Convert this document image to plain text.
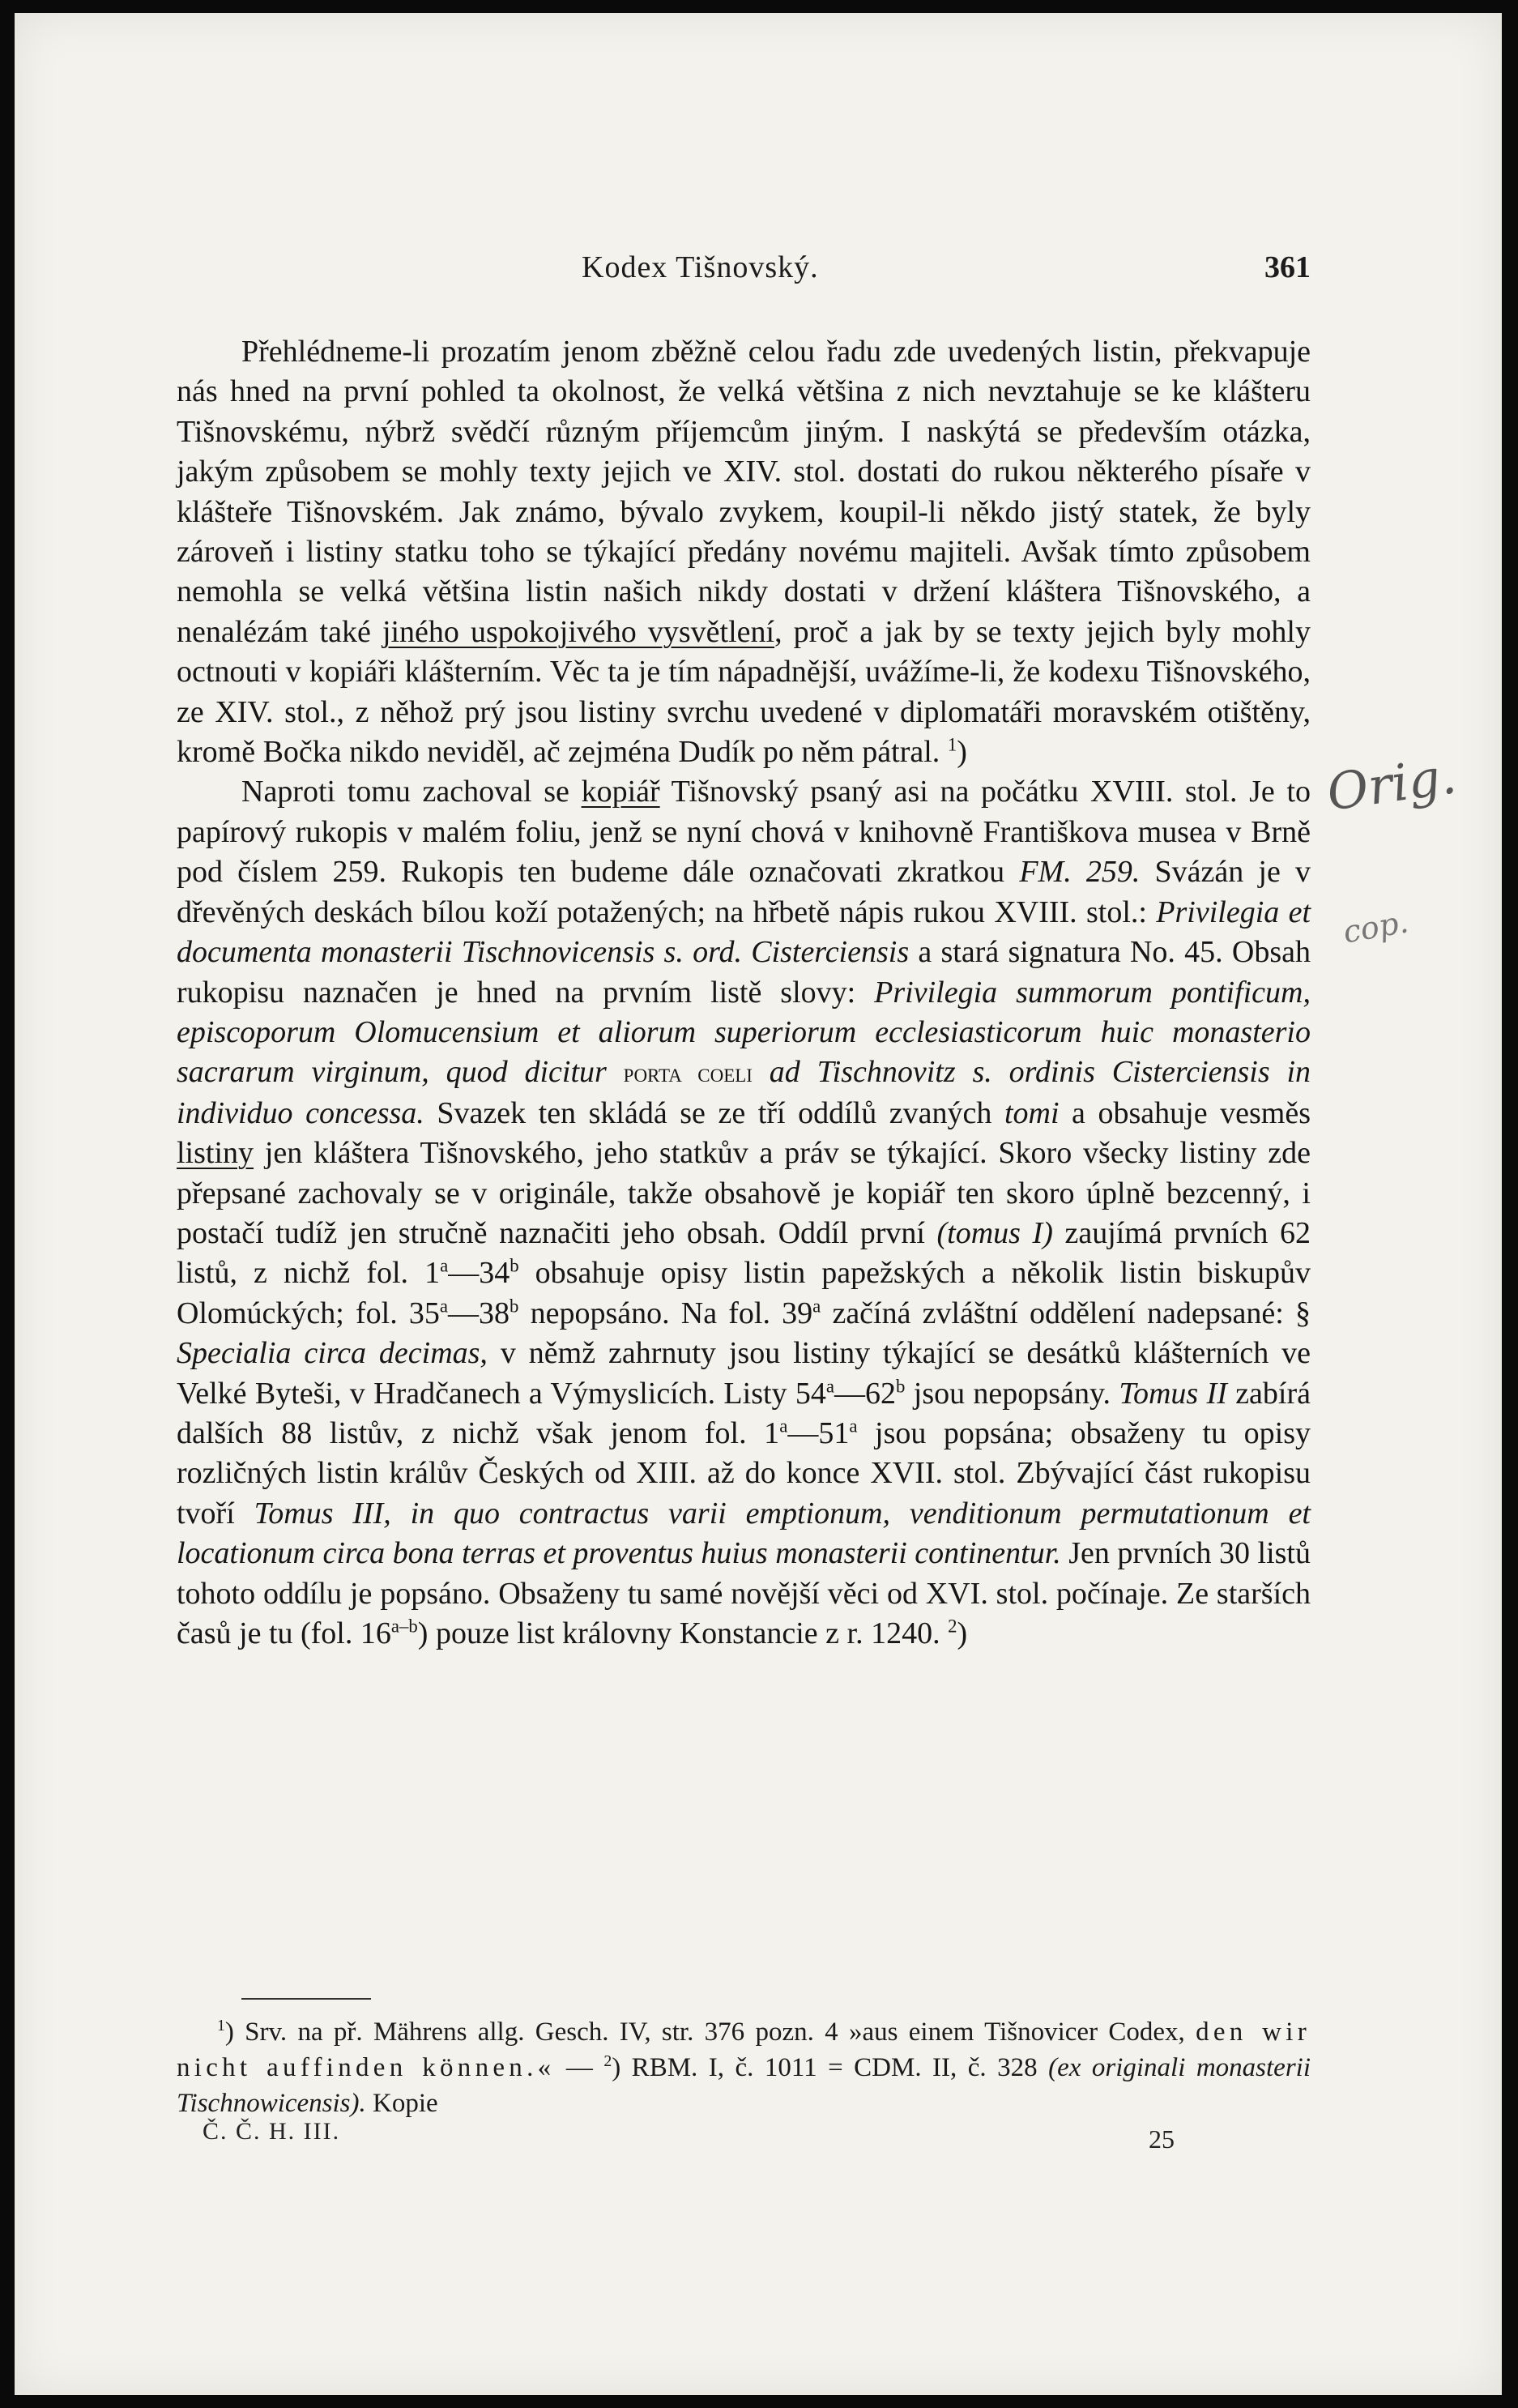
Kodex Tišnovský.	361

Přehlédneme-li prozatím jenom zběžně celou řadu zde uvedených listin, překvapuje nás hned na první pohled ta okolnost, že velká většina z nich nevztahuje se ke klášteru Tišnovskému, nýbrž svědčí různým příjemcům jiným. I naskýtá se především otázka, jakým způsobem se mohly texty jejich ve XIV. stol. dostati do rukou některého písaře v klášteře Tišnovském. Jak známo, bývalo zvykem, koupil-li někdo jistý statek, že byly zároveň i listiny statku toho se týkající předány novému majiteli. Avšak tímto způsobem nemohla se velká většina listin našich nikdy dostati v držení kláštera Tišnovského, a nenalézám také jiného uspokojivého vysvětlení, proč a jak by se texty jejich byly mohly octnouti v kopiáři klášterním. Věc ta je tím nápadnější, uvážíme-li, že kodexu Tišnovského, ze XIV. stol., z něhož prý jsou listiny svrchu uvedené v diplomatáři moravském otištěny, kromě Bočka nikdo neviděl, ač zejména Dudík po něm pátral. $^1$)

Naproti tomu zachoval se kopiář Tišnovský psaný asi na počátku XVIII. stol. Je to papírový rukopis v malém foliu, jenž se nyní chová v knihovně Františkova musea v Brně pod číslem 259. Rukopis ten budeme dále označovati zkratkou FM. 259. Svázán je v dřevěných deskách bílou koží potažených; na hřbetě nápis rukou XVIII. stol.: Privilegia et documenta monasterii Tischnovicensis s. ord. Cisterciensis a stará signatura No. 45. Obsah rukopisu naznačen je hned na prvním listě slovy: Privilegia summorum pontificum, episcoporum Olomucensium et aliorum superiorum ecclesiasticorum huic monasterio sacrarum virginum, quod dicitur porta coeli ad Tischnovitz s. ordinis Cisterciensis in individuo concessa. Svazek ten skládá se ze tří oddílů zvaných tomi a obsahuje vesměs listiny jen kláštera Tišnovského, jeho statkův a práv se týkající. Skoro všecky listiny zde přepsané zachovaly se v originále, takže obsahově je kopiář ten skoro úplně bezcenný, i postačí tudíž jen stručně naznačiti jeho obsah. Oddíl první (tomus I) zaujímá prvních 62 listů, z nichž fol. 1$^a$—34$^b$ obsahuje opisy listin papežských a několik listin biskupův Olomúckých; fol. 35$^a$—38$^b$ nepopsáno. Na fol. 39$^a$ začíná zvláštní oddělení nadepsané: § Specialia circa decimas, v němž zahrnuty jsou listiny týkající se desátků klášterních ve Velké Byteši, v Hradčanech a Výmyslicích. Listy 54$^a$—62$^b$ jsou nepopsány. Tomus II zabírá dalších 88 listův, z nichž však jenom fol. 1$^a$—51$^a$ jsou popsána; obsaženy tu opisy rozličných listin králův Českých od XIII. až do konce XVII. stol. Zbývající část rukopisu tvoří Tomus III, in quo contractus varii emptionum, venditionum permutationum et locationum circa bona terras et proventus huius monasterii continentur. Jen prvních 30 listů tohoto oddílu je popsáno. Obsaženy tu samé novější věci od XVI. stol. počínaje. Ze starších časů je tu (fol. 16$^{a-b}$) pouze list královny Konstancie z r. 1240. $^2$)

$^1$) Srv. na př. Mährens allg. Gesch. IV, str. 376 pozn. 4 »aus einem Tišnovicer Codex, den wir nicht auffinden können.« — $^2$) RBM. I, č. 1011 = CDM. II, č. 328 (ex originali monasterii Tischnowicensis). Kopie

Č. Č. H. III.	25
Orig.
cop.
